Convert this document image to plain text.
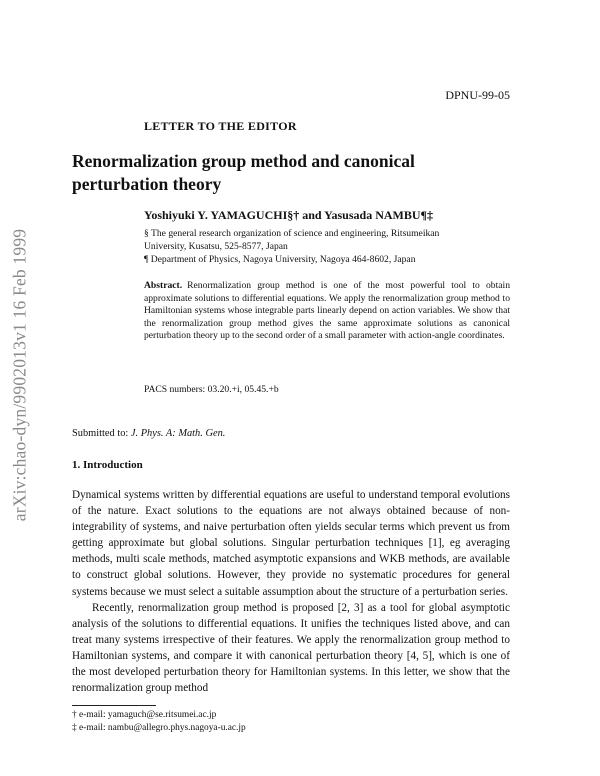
arXiv:chao-dyn/9902013v1 16 Feb 1999
DPNU-99-05
LETTER TO THE EDITOR
Renormalization group method and canonical
perturbation theory
Yoshiyuki Y. YAMAGUCHI§† and Yasusada NAMBU¶‡
§ The general research organization of science and engineering, Ritsumeikan
University, Kusatsu, 525-8577, Japan
¶ Department of Physics, Nagoya University, Nagoya 464-8602, Japan
Abstract. Renormalization group method is one of the most powerful tool to obtain approximate solutions to differential equations. We apply the renormalization group method to Hamiltonian systems whose integrable parts linearly depend on action variables. We show that the renormalization group method gives the same approximate solutions as canonical perturbation theory up to the second order of a small parameter with action-angle coordinates.
PACS numbers: 03.20.+i, 05.45.+b
Submitted to: J. Phys. A: Math. Gen.
1. Introduction

Dynamical systems written by differential equations are useful to understand temporal evolutions of the nature. Exact solutions to the equations are not always obtained because of non-integrability of systems, and naive perturbation often yields secular terms which prevent us from getting approximate but global solutions. Singular perturbation techniques [1], eg averaging methods, multi scale methods, matched asymptotic expansions and WKB methods, are available to construct global solutions. However, they provide no systematic procedures for general systems because we must select a suitable assumption about the structure of a perturbation series.

Recently, renormalization group method is proposed [2, 3] as a tool for global asymptotic analysis of the solutions to differential equations. It unifies the techniques listed above, and can treat many systems irrespective of their features. We apply the renormalization group method to Hamiltonian systems, and compare it with canonical perturbation theory [4, 5], which is one of the most developed perturbation theory for Hamiltonian systems. In this letter, we show that the renormalization group method

† e-mail: yamaguch@se.ritsumei.ac.jp
‡ e-mail: nambu@allegro.phys.nagoya-u.ac.jp
